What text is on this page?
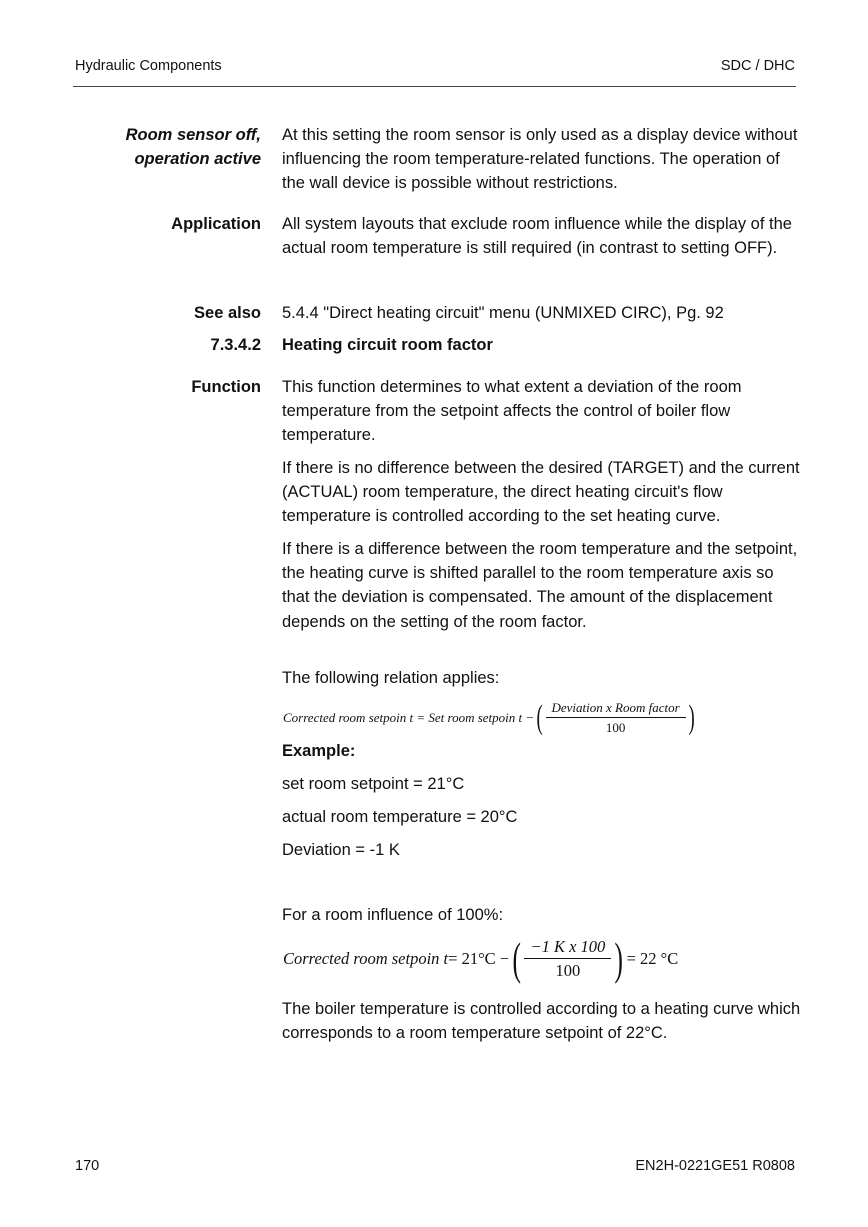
Hydraulic Components	SDC / DHC
Room sensor off,
operation active
At this setting the room sensor is only used as a display device without influencing the room temperature-related functions. The operation of the wall device is possible without restrictions.
Application All system layouts that exclude room influence while the display of the actual room temperature is still required (in contrast to setting OFF).
See also 5.4.4 "Direct heating circuit" menu (UNMIXED CIRC), Pg. 92
7.3.4.2 Heating circuit room factor
Function This function determines to what extent a deviation of the room temperature from the setpoint affects the control of boiler flow temperature.
If there is no difference between the desired (TARGET) and the current (ACTUAL) room temperature, the direct heating circuit's flow temperature is controlled according to the set heating curve.
If there is a difference between the room temperature and the setpoint, the heating curve is shifted parallel to the room temperature axis so that the deviation is compensated. The amount of the displacement depends on the setting of the room factor.
The following relation applies:
Corrected room setpoin t = Set room setpoin t − ( $\frac{\text{Deviation x Room factor}}{100}$ )
Example:
set room setpoint = 21°C
actual room temperature = 20°C
Deviation = -1 K
For a room influence of 100%:
Corrected room setpoin t = 21°C − ( $\frac{\text{−1 K x 100}}{100}$ ) = 22 °C
The boiler temperature is controlled according to a heating curve which corresponds to a room temperature setpoint of 22°C.
170	EN2H-0221GE51 R0808
